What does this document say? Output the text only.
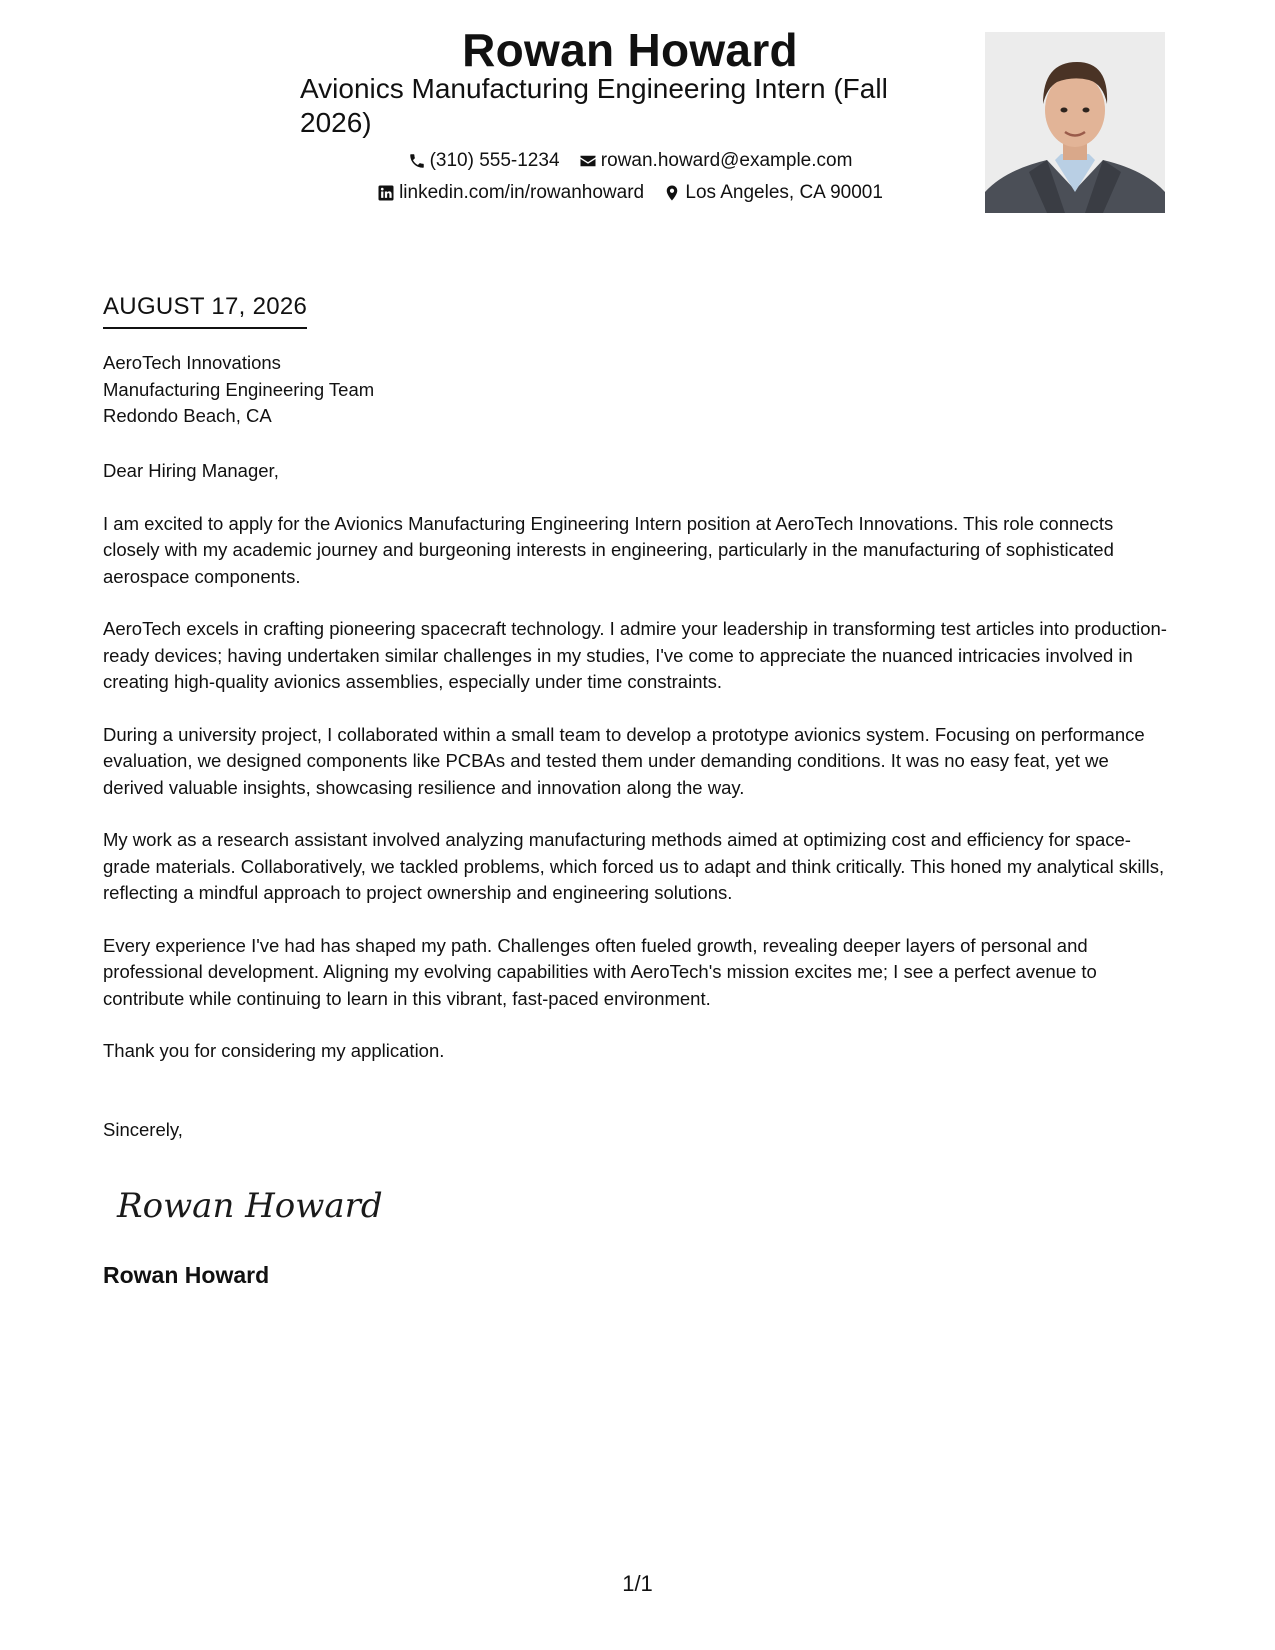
Rowan Howard
Avionics Manufacturing Engineering Intern (Fall 2026)
(310) 555-1234
rowan.howard@example.com
linkedin.com/in/rowanhoward
Los Angeles, CA 90001
AUGUST 17, 2026
AeroTech Innovations
Manufacturing Engineering Team
Redondo Beach, CA

Dear Hiring Manager,

I am excited to apply for the Avionics Manufacturing Engineering Intern position at AeroTech Innovations. This role connects closely with my academic journey and burgeoning interests in engineering, particularly in the manufacturing of sophisticated aerospace components.

AeroTech excels in crafting pioneering spacecraft technology. I admire your leadership in transforming test articles into production-ready devices; having undertaken similar challenges in my studies, I've come to appreciate the nuanced intricacies involved in creating high-quality avionics assemblies, especially under time constraints.

During a university project, I collaborated within a small team to develop a prototype avionics system. Focusing on performance evaluation, we designed components like PCBAs and tested them under demanding conditions. It was no easy feat, yet we derived valuable insights, showcasing resilience and innovation along the way.

My work as a research assistant involved analyzing manufacturing methods aimed at optimizing cost and efficiency for space-grade materials. Collaboratively, we tackled problems, which forced us to adapt and think critically. This honed my analytical skills, reflecting a mindful approach to project ownership and engineering solutions.

Every experience I've had has shaped my path. Challenges often fueled growth, revealing deeper layers of personal and professional development. Aligning my evolving capabilities with AeroTech's mission excites me; I see a perfect avenue to contribute while continuing to learn in this vibrant, fast-paced environment.

Thank you for considering my application.

Sincerely,
Rowan Howard
Rowan Howard
1/1
